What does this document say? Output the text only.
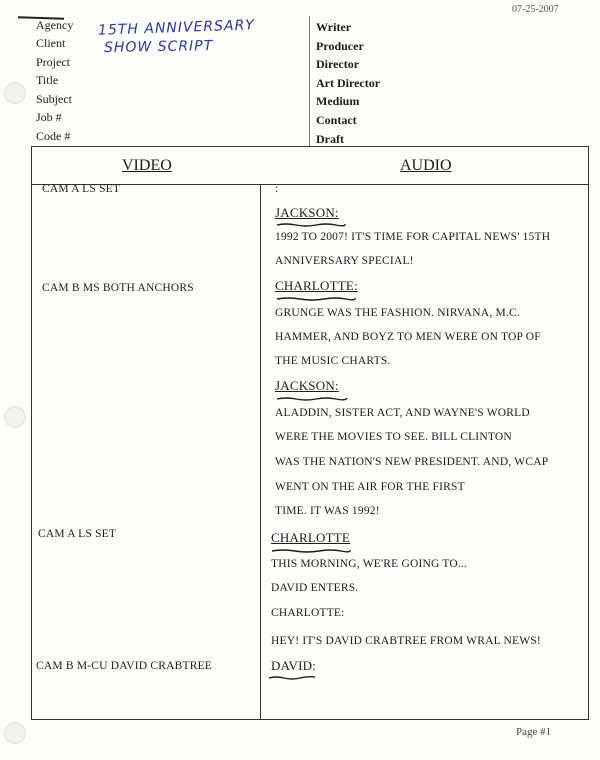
07-25-2007
Agency
Client
Project
Title
Subject
Job #
Code #
15TH ANNIVERSARY
SHOW SCRIPT
Writer
Producer
Director
Art Director
Medium
Contact
Draft
VIDEO	AUDIO
CAM A LS SET
CAM B MS BOTH ANCHORS
CAM A LS SET
CAM B M-CU DAVID CRABTREE
:
JACKSON:
1992 TO 2007! IT'S TIME FOR CAPITAL NEWS' 15TH
ANNIVERSARY SPECIAL!
CHARLOTTE:
GRUNGE WAS THE FASHION. NIRVANA, M.C.
HAMMER, AND BOYZ TO MEN WERE ON TOP OF
THE MUSIC CHARTS.
JACKSON:
ALADDIN, SISTER ACT, AND WAYNE'S WORLD
WERE THE MOVIES TO SEE. BILL CLINTON
WAS THE NATION'S NEW PRESIDENT. AND, WCAP
WENT ON THE AIR FOR THE FIRST
TIME. IT WAS 1992!
CHARLOTTE
THIS MORNING, WE'RE GOING TO...
DAVID ENTERS.
CHARLOTTE:
HEY! IT'S DAVID CRABTREE FROM WRAL NEWS!
DAVID:
Page #1
